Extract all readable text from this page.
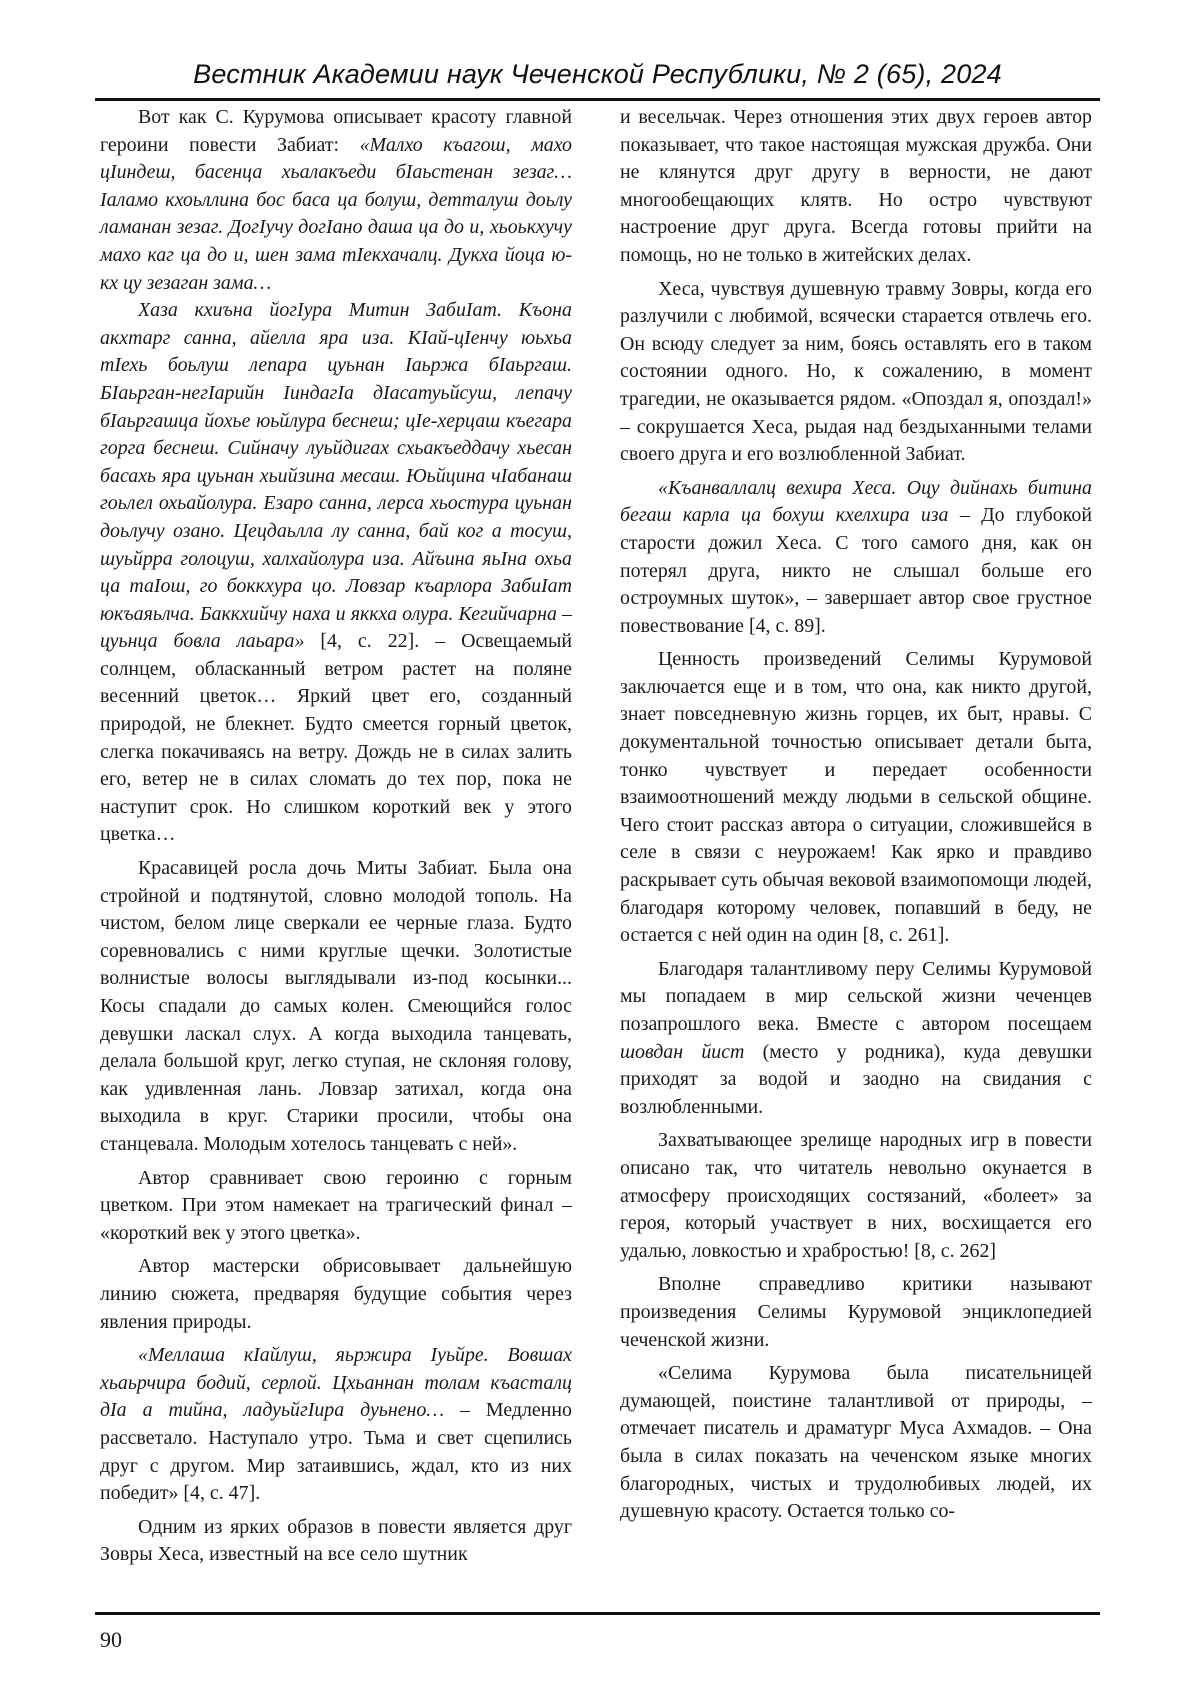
Вестник Академии наук Чеченской Республики, № 2 (65), 2024

Вот как С. Курумова описывает красоту главной героини повести Забиат: «Малхо къагош, махо цIиндеш, басенца хьалакъеди бIаьстенан зезаг… Iаламо кхоьллина бос баса ца болуш, детталуш доьлу ламанан зезаг. ДогIучу догIано даша ца до и, хьоькхучу махо каг ца до и, шен зама тIекхачалц. Дукха йоца ю-кх цу зезаган зама…

Хаза кхиъна йогIура Митин ЗабиIат. Къона акхтарг санна, айелла яра иза. КIай-цIенчу юьхьа тIехь боьлуш лепара цуьнан Iаьржа бIаьргаш. БIаьрган-негIарийн IиндагIа дIасатуьйсуш, лепачу бIаьргашца йохье юьйлура беснеш; цIе-херцаш къегара горга беснеш. Сийначу луьйдигах схьакъеддачу хьесан басахь яра цуьнан хьийзина месаш. Юьйцина чIабанаш гоьлел охьайолура. Езаро санна, лерса хьостура цуьнан доьлучу озано. Цецдаьлла лу санна, бай ког а тосуш, шуьйрра голоцуш, халхайолура иза. Айъина яьIна охьа ца таIош, го боккхура цо. Ловзар къарлора ЗабиIат юкъаяьлча. Баккхийчу наха и яккха олура. Кегийчарна – цуьнца бовла лаьара» [4, с. 22]. – Освещаемый солнцем, обласканный ветром растет на поляне весенний цветок… Яркий цвет его, созданный природой, не блекнет. Будто смеется горный цветок, слегка покачиваясь на ветру. Дождь не в силах залить его, ветер не в силах сломать до тех пор, пока не наступит срок. Но слишком короткий век у этого цветка…

Красавицей росла дочь Миты Забиат. Была она стройной и подтянутой, словно молодой тополь. На чистом, белом лице сверкали ее черные глаза. Будто соревновались с ними круглые щечки. Золотистые волнистые волосы выглядывали из-под косынки... Косы спадали до самых колен. Смеющийся голос девушки ласкал слух. А когда выходила танцевать, делала большой круг, легко ступая, не склоняя голову, как удивленная лань. Ловзар затихал, когда она выходила в круг. Старики просили, чтобы она станцевала. Молодым хотелось танцевать с ней».

Автор сравнивает свою героиню с горным цветком. При этом намекает на трагический финал – «короткий век у этого цветка».

Автор мастерски обрисовывает дальнейшую линию сюжета, предваряя будущие события через явления природы.

«Меллаша кIайлуш, яьржира Iуьйре. Вовшах хьаьрчира бодий, серлой. Цхьаннан толам къасталц дIа а тийна, ладуьйгIира дуьнено… – Медленно рассветало. Наступало утро. Тьма и свет сцепились друг с другом. Мир затаившись, ждал, кто из них победит» [4, с. 47].

Одним из ярких образов в повести является друг Зовры Хеса, известный на все село шутник

и весельчак. Через отношения этих двух героев автор показывает, что такое настоящая мужская дружба. Они не клянутся друг другу в верности, не дают многообещающих клятв. Но остро чувствуют настроение друг друга. Всегда готовы прийти на помощь, но не только в житейских делах.

Хеса, чувствуя душевную травму Зовры, когда его разлучили с любимой, всячески старается отвлечь его. Он всюду следует за ним, боясь оставлять его в таком состоянии одного. Но, к сожалению, в момент трагедии, не оказывается рядом. «Опоздал я, опоздал!» – сокрушается Хеса, рыдая над бездыханными телами своего друга и его возлюбленной Забиат.

«Къанваллалц вехира Хеса. Оцу дийнахь битина бегаш карла ца бохуш кхелхира иза – До глубокой старости дожил Хеса. С того самого дня, как он потерял друга, никто не слышал больше его остроумных шуток», – завершает автор свое грустное повествование [4, с. 89].

Ценность произведений Селимы Курумовой заключается еще и в том, что она, как никто другой, знает повседневную жизнь горцев, их быт, нравы. С документальной точностью описывает детали быта, тонко чувствует и передает особенности взаимоотношений между людьми в сельской общине. Чего стоит рассказ автора о ситуации, сложившейся в селе в связи с неурожаем! Как ярко и правдиво раскрывает суть обычая вековой взаимопомощи людей, благодаря которому человек, попавший в беду, не остается с ней один на один [8, с. 261].

Благодаря талантливому перу Селимы Курумовой мы попадаем в мир сельской жизни чеченцев позапрошлого века. Вместе с автором посещаем шовдан йист (место у родника), куда девушки приходят за водой и заодно на свидания с возлюбленными.

Захватывающее зрелище народных игр в повести описано так, что читатель невольно окунается в атмосферу происходящих состязаний, «болеет» за героя, который участвует в них, восхищается его удалью, ловкостью и храбростью! [8, с. 262]

Вполне справедливо критики называют произведения Селимы Курумовой энциклопедией чеченской жизни.

«Селима Курумова была писательницей думающей, поистине талантливой от природы, – отмечает писатель и драматург Муса Ахмадов. – Она была в силах показать на чеченском языке многих благородных, чистых и трудолюбивых людей, их душевную красоту. Остается только со-

90
